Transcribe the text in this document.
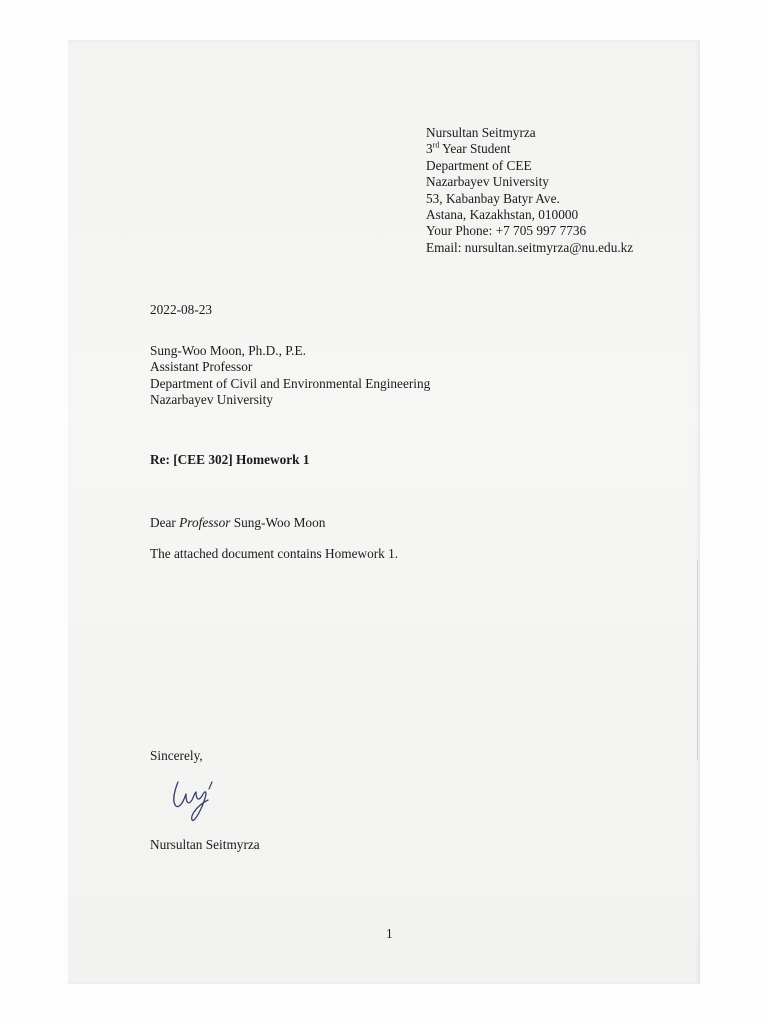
Nursultan Seitmyrza
3rd Year Student
Department of CEE
Nazarbayev University
53, Kabanbay Batyr Ave.
Astana, Kazakhstan, 010000
Your Phone: +7 705 997 7736
Email: nursultan.seitmyrza@nu.edu.kz
2022-08-23
Sung-Woo Moon, Ph.D., P.E.
Assistant Professor
Department of Civil and Environmental Engineering
Nazarbayev University
Re: [CEE 302] Homework 1
Dear Professor Sung-Woo Moon
The attached document contains Homework 1.
Sincerely,
Nursultan Seitmyrza
1
